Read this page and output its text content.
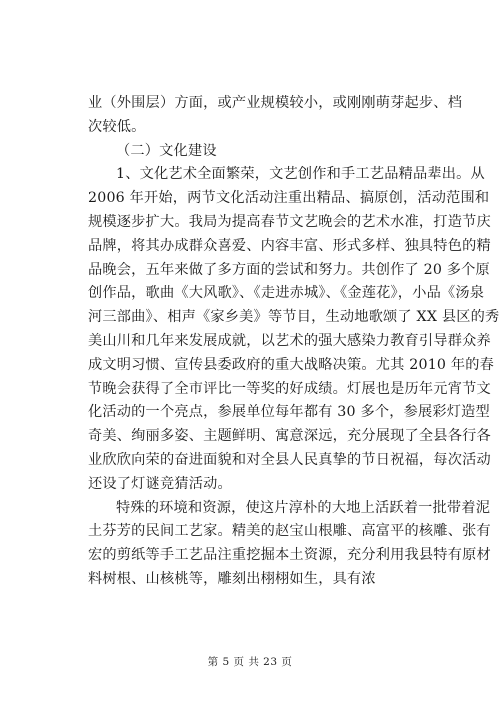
业（外围层）方面，或产业规模较小，或刚刚萌芽起步、档
次较低。
（二）文化建设
1、文化艺术全面繁荣，文艺创作和手工艺品精品辈出。从
2006 年开始，两节文化活动注重出精品、搞原创，活动范围和
规模逐步扩大。我局为提高春节文艺晚会的艺术水准，打造节庆
品牌，将其办成群众喜爱、内容丰富、形式多样、独具特色的精
品晚会，五年来做了多方面的尝试和努力。共创作了 20 多个原
创作品，歌曲《大风歌》、《走进赤城》、《金莲花》，小品《汤泉
河三部曲》、相声《家乡美》等节目，生动地歌颂了 XX 县区的秀
美山川和几年来发展成就，以艺术的强大感染力教育引导群众养
成文明习惯、宣传县委政府的重大战略决策。尤其 2010 年的春
节晚会获得了全市评比一等奖的好成绩。灯展也是历年元宵节文
化活动的一个亮点，参展单位每年都有 30 多个，参展彩灯造型
奇美、绚丽多姿、主题鲜明、寓意深远，充分展现了全县各行各
业欣欣向荣的奋进面貌和对全县人民真挚的节日祝福，每次活动
还设了灯谜竞猜活动。
特殊的环境和资源，使这片淳朴的大地上活跃着一批带着泥
土芬芳的民间工艺家。精美的赵宝山根雕、高富平的核雕、张有
宏的剪纸等手工艺品注重挖掘本土资源，充分利用我县特有原材
料树根、山核桃等，雕刻出栩栩如生，具有浓
第 5 页 共 23 页
